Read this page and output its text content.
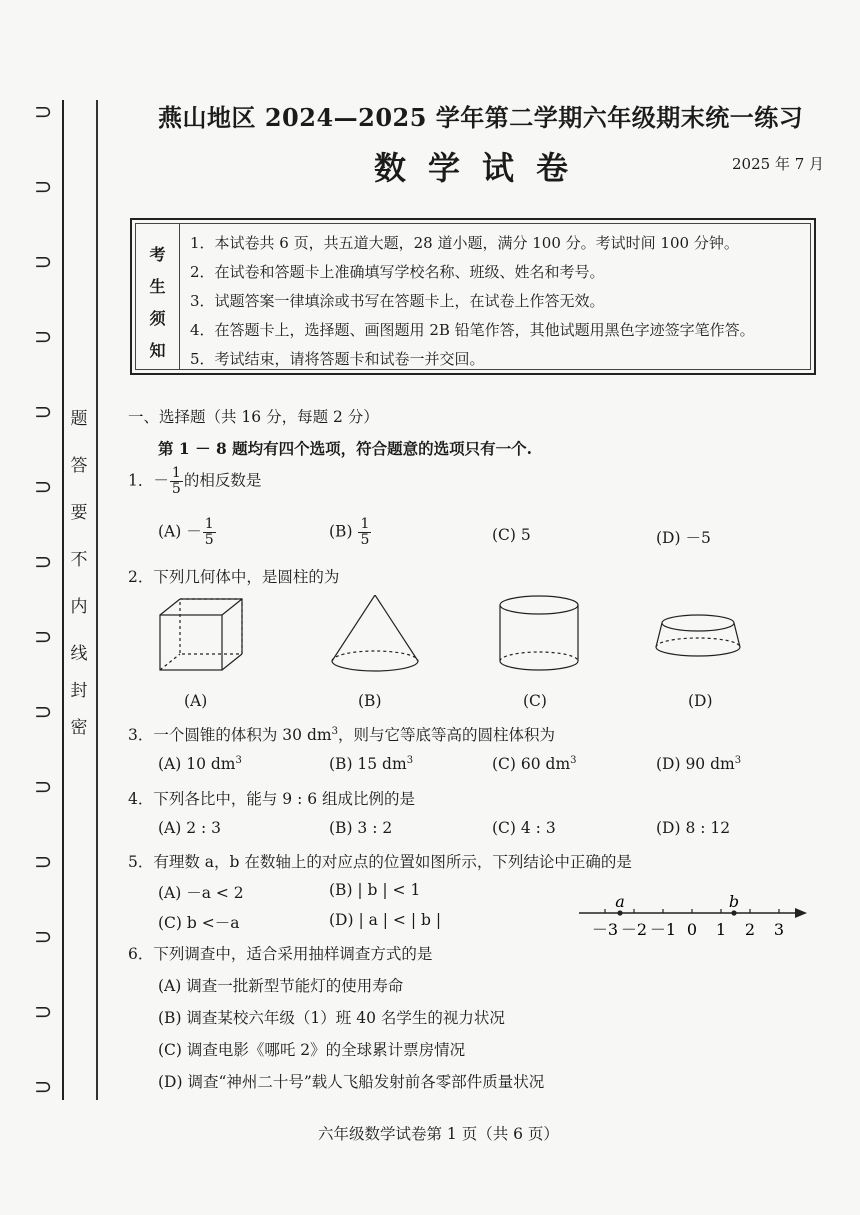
⊃
⊃
⊃
⊃
⊃
⊃
⊃
⊃
⊃
⊃
⊃
⊃
⊃
⊃
题
答
要
不
内
线
封
密
燕山地区 2024—2025 学年第二学期六年级期末统一练习
数学试卷	2025 年 7 月
考
生
须
知
1．本试卷共 6 页，共五道大题，28 道小题，满分 100 分。考试时间 100 分钟。
2．在试卷和答题卡上准确填写学校名称、班级、姓名和考号。
3．试题答案一律填涂或书写在答题卡上，在试卷上作答无效。
4．在答题卡上，选择题、画图题用 2B 铅笔作答，其他试题用黑色字迹签字笔作答。
5．考试结束，请将答题卡和试卷一并交回。
一、选择题（共 16 分，每题 2 分）
第 1 － 8 题均有四个选项，符合题意的选项只有一个.
1．－ $\frac{1}{5}$ 的相反数是
$(A) - \frac{1}{5}$	$(B) \frac{1}{5}$	(C) 5	(D) －5
2．下列几何体中，是圆柱的为
(A)	(B)	(C)	(D)
3．一个圆锥的体积为 30 $dm^3$，则与它等底等高的圆柱体积为
(A) 10 $dm^3$	(B) 15 $dm^3$	(C) 60 $dm^3$	(D) 90 $dm^3$
4．下列各比中，能与 9 : 6 组成比例的是
(A) 2 : 3	(B) 3 : 2	(C) 4 : 3	(D) 8 : 12
5．有理数 a，b 在数轴上的对应点的位置如图所示，下列结论中正确的是
(A) －a < 2	(B) | b | < 1
(C) b <－a	(D) | a | < | b |
a	b
－3 －2 －1 0 1 2 3
6．下列调查中，适合采用抽样调查方式的是
(A) 调查一批新型节能灯的使用寿命
(B) 调查某校六年级（1）班 40 名学生的视力状况
(C) 调查电影《哪吒 2》的全球累计票房情况
(D) 调查“神州二十号”载人飞船发射前各零部件质量状况
六年级数学试卷第 1 页（共 6 页）
